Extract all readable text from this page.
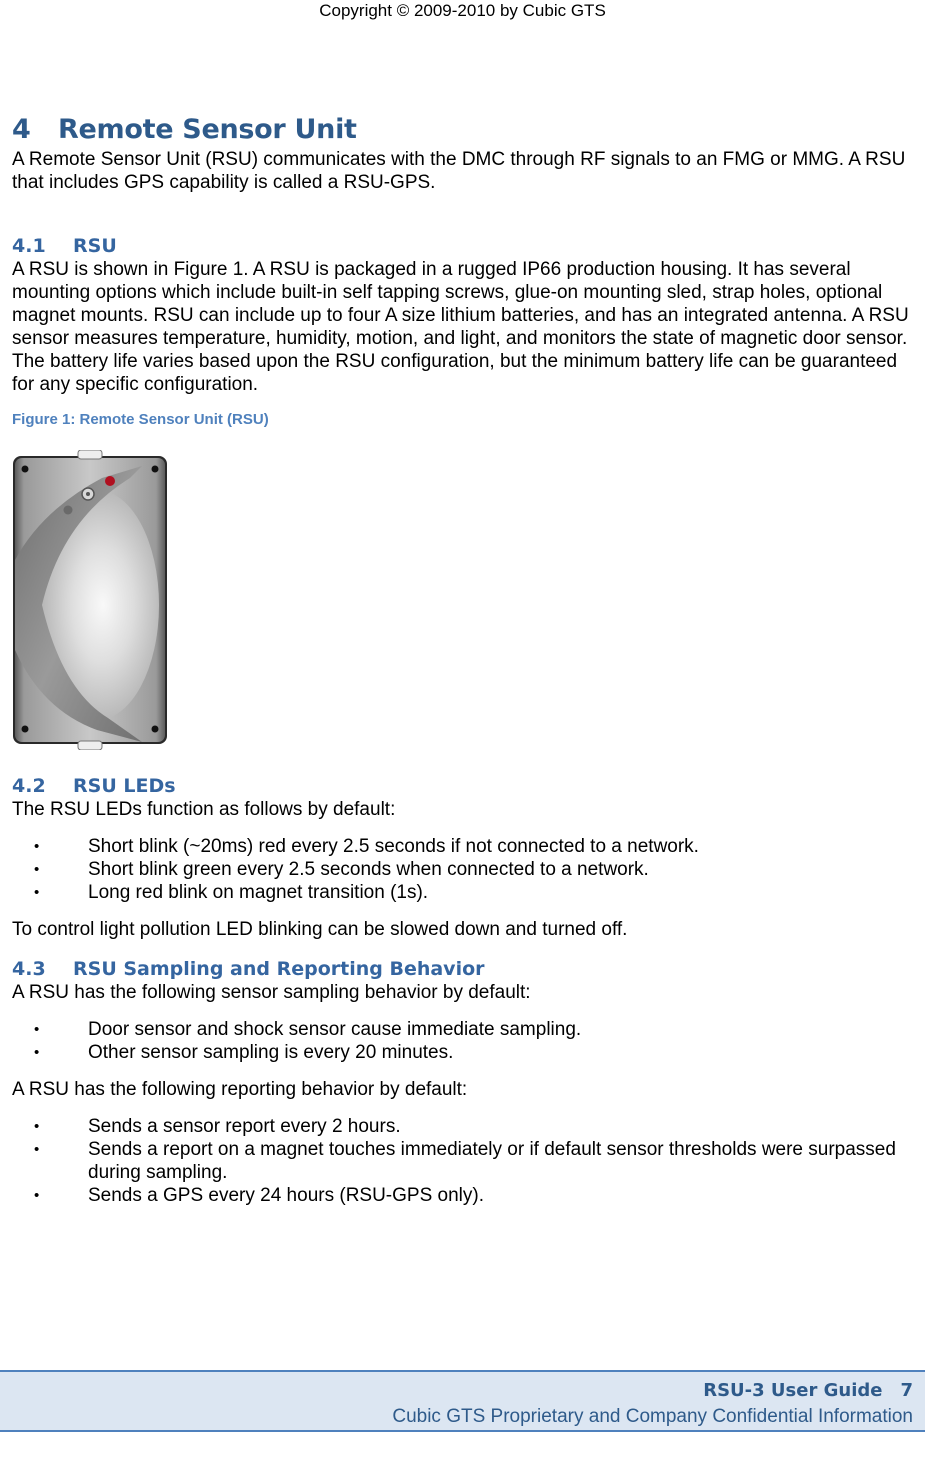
Copyright © 2009-2010 by Cubic GTS
4 Remote Sensor Unit

A Remote Sensor Unit (RSU) communicates with the DMC through RF signals to an FMG or MMG. A RSU that includes GPS capability is called a RSU-GPS.

4.1 RSU

A RSU is shown in Figure 1. A RSU is packaged in a rugged IP66 production housing. It has several mounting options which include built-in self tapping screws, glue-on mounting sled, strap holes, optional magnet mounts. RSU can include up to four A size lithium batteries, and has an integrated antenna. A RSU sensor measures temperature, humidity, motion, and light, and monitors the state of magnetic door sensor. The battery life varies based upon the RSU configuration, but the minimum battery life can be guaranteed for any specific configuration.

Figure 1: Remote Sensor Unit (RSU)

4.2 RSU LEDs

The RSU LEDs function as follows by default:

•	Short blink (~20ms) red every 2.5 seconds if not connected to a network.
•	Short blink green every 2.5 seconds when connected to a network.
•	Long red blink on magnet transition (1s).

To control light pollution LED blinking can be slowed down and turned off.

4.3 RSU Sampling and Reporting Behavior

A RSU has the following sensor sampling behavior by default:

•	Door sensor and shock sensor cause immediate sampling.
•	Other sensor sampling is every 20 minutes.

A RSU has the following reporting behavior by default:

•	Sends a sensor report every 2 hours.
•	Sends a report on a magnet touches immediately or if default sensor thresholds were surpassed during sampling.
•	Sends a GPS every 24 hours (RSU-GPS only).
RSU-3 User Guide 7
Cubic GTS Proprietary and Company Confidential Information
